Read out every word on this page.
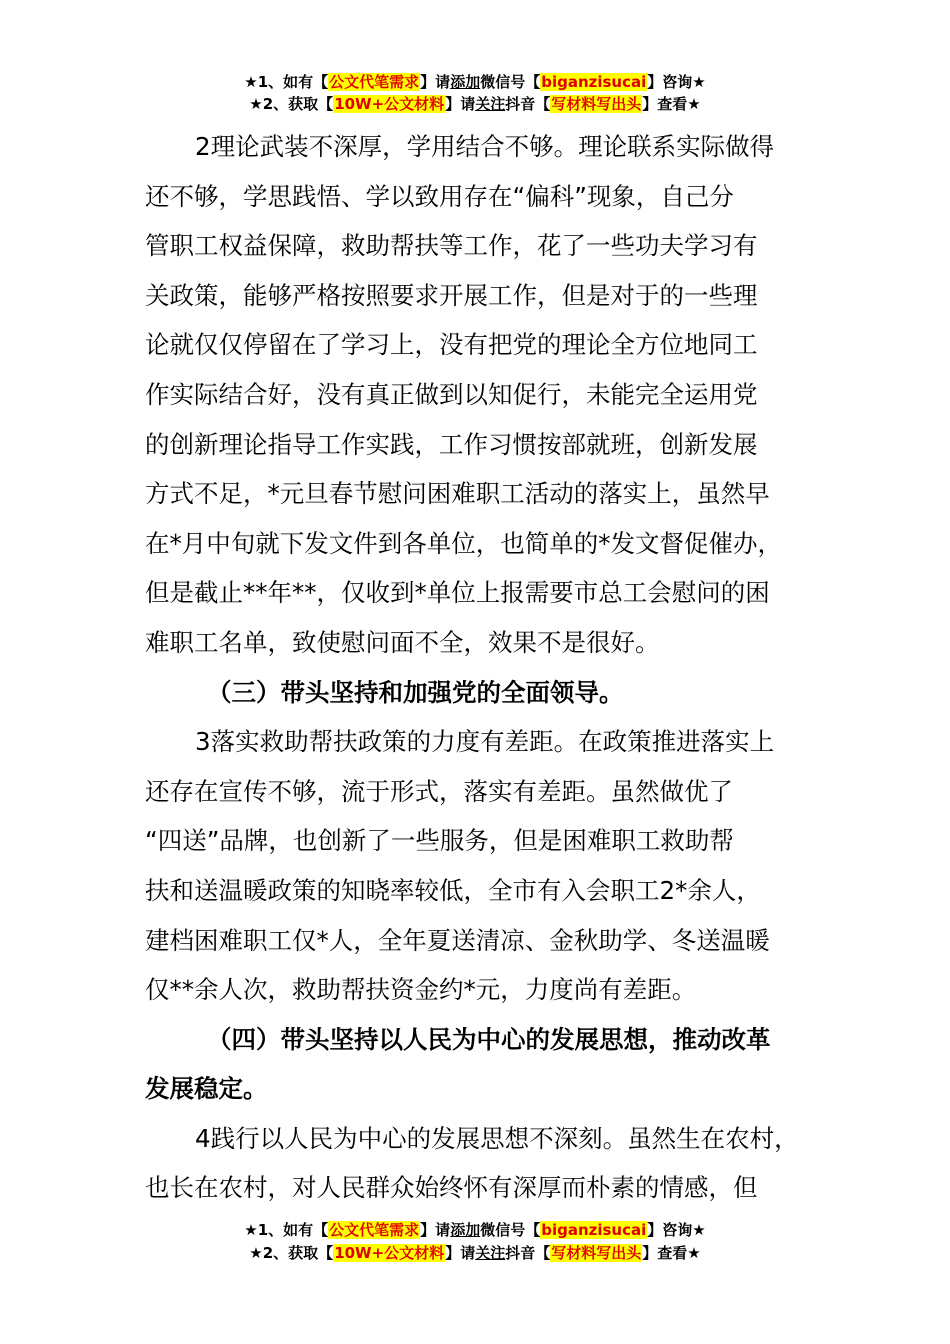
★1、如有【公文代笔需求】请添加微信号【biganzisucai】咨询★
★2、获取【10W+公文材料】请关注抖音【写材料写出头】查看★

2理论武装不深厚，学用结合不够。理论联系实际做得
还不够，学思践悟、学以致用存在“偏科”现象，自己分
管职工权益保障，救助帮扶等工作，花了一些功夫学习有
关政策，能够严格按照要求开展工作，但是对于的一些理
论就仅仅停留在了学习上，没有把党的理论全方位地同工
作实际结合好，没有真正做到以知促行，未能完全运用党
的创新理论指导工作实践，工作习惯按部就班，创新发展
方式不足，*元旦春节慰问困难职工活动的落实上，虽然早
在*月中旬就下发文件到各单位，也简单的*发文督促催办，
但是截止**年**，仅收到*单位上报需要市总工会慰问的困
难职工名单，致使慰问面不全，效果不是很好。

（三）带头坚持和加强党的全面领导。

3落实救助帮扶政策的力度有差距。在政策推进落实上
还存在宣传不够，流于形式，落实有差距。虽然做优了
“四送”品牌，也创新了一些服务，但是困难职工救助帮
扶和送温暖政策的知晓率较低，全市有入会职工2*余人，
建档困难职工仅*人，全年夏送清凉、金秋助学、冬送温暖
仅**余人次，救助帮扶资金约*元，力度尚有差距。

（四）带头坚持以人民为中心的发展思想，推动改革
发展稳定。

4践行以人民为中心的发展思想不深刻。虽然生在农村，
也长在农村，对人民群众始终怀有深厚而朴素的情感，但

★1、如有【公文代笔需求】请添加微信号【biganzisucai】咨询★
★2、获取【10W+公文材料】请关注抖音【写材料写出头】查看★
